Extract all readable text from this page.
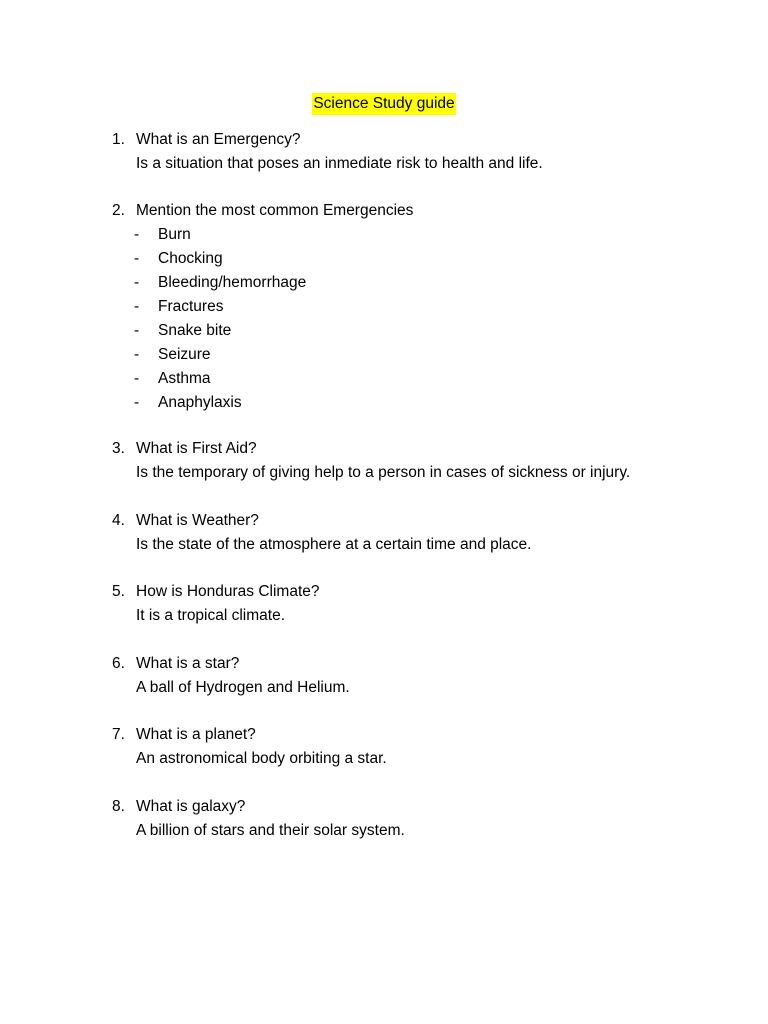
Science Study guide
1. What is an Emergency?
Is a situation that poses an inmediate risk to health and life.
2. Mention the most common Emergencies
- Burn
- Chocking
- Bleeding/hemorrhage
- Fractures
- Snake bite
- Seizure
- Asthma
- Anaphylaxis
3. What is First Aid?
Is the temporary of giving help to a person in cases of sickness or injury.
4. What is Weather?
Is the state of the atmosphere at a certain time and place.
5. How is Honduras Climate?
It is a tropical climate.
6. What is a star?
A ball of Hydrogen and Helium.
7. What is a planet?
An astronomical body orbiting a star.
8. What is galaxy?
A billion of stars and their solar system.
